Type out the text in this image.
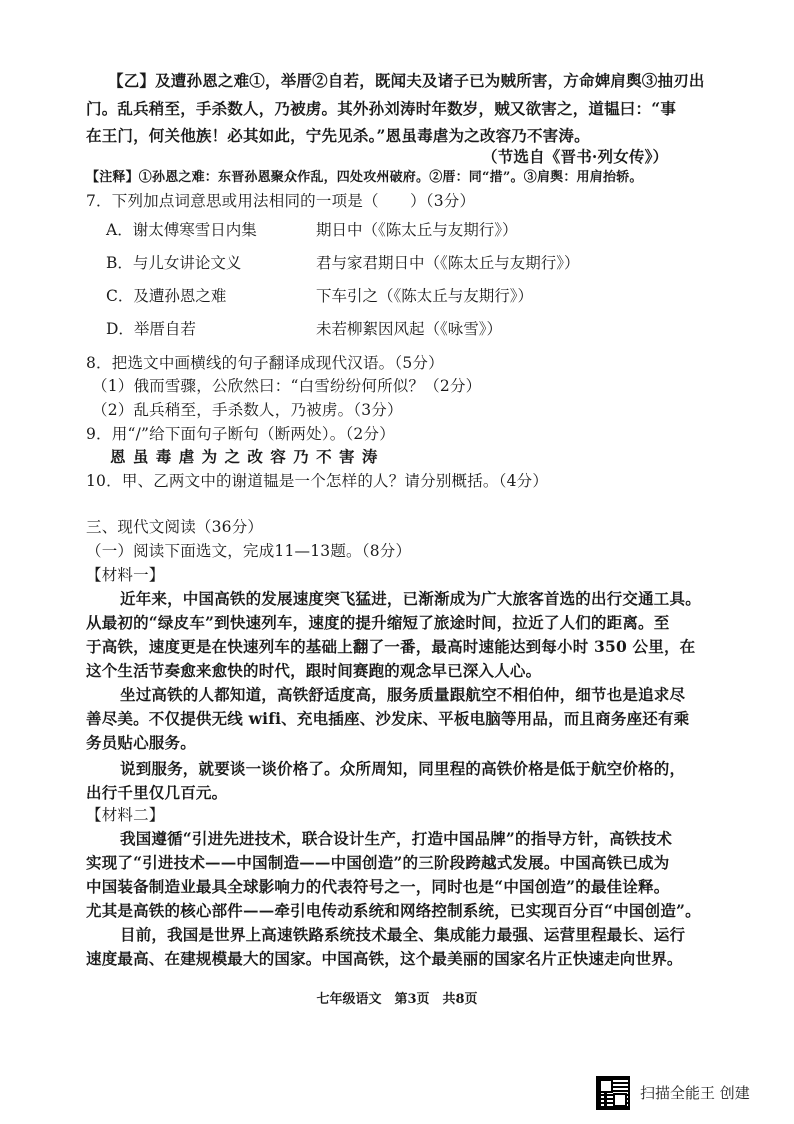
【乙】及遭孙恩之难①，举厝②自若，既闻夫及诸子已为贼所害，方命婢肩舆③抽刃出
门。乱兵稍至，手杀数人，乃被虏。其外孙刘涛时年数岁，贼又欲害之，道韫曰：“事
在王门，何关他族！必其如此，宁先见杀。”恩虽毒虐为之改容乃不害涛。
（节选自《晋书·列女传》）
【注释】①孙恩之难：东晋孙恩聚众作乱，四处攻州破府。②厝：同“措”。③肩舆：用肩抬轿。
7．下列加点词意思或用法相同的一项是（　　）（3分）
A．谢太傅寒雪日内集	期日中（《陈太丘与友期行》）
B．与儿女讲论文义	君与家君期日中（《陈太丘与友期行》）
C．及遭孙恩之难	下车引之（《陈太丘与友期行》）
D．举厝自若	未若柳絮因风起（《咏雪》）
8．把选文中画横线的句子翻译成现代汉语。（5分）
（1）俄而雪骤，公欣然曰：“白雪纷纷何所似？（2分）
（2）乱兵稍至，手杀数人，乃被虏。（3分）
9．用“/”给下面句子断句（断两处）。（2分）
恩 虽 毒 虐 为 之 改 容 乃 不 害 涛
10．甲、乙两文中的谢道韫是一个怎样的人？请分别概括。（4分）
三、现代文阅读（36分）
（一）阅读下面选文，完成11—13题。（8分）
【材料一】
近年来，中国高铁的发展速度突飞猛进，已渐渐成为广大旅客首选的出行交通工具。
从最初的“绿皮车”到快速列车，速度的提升缩短了旅途时间，拉近了人们的距离。至
于高铁，速度更是在快速列车的基础上翻了一番，最高时速能达到每小时 350 公里，在
这个生活节奏愈来愈快的时代，跟时间赛跑的观念早已深入人心。
坐过高铁的人都知道，高铁舒适度高，服务质量跟航空不相伯仲，细节也是追求尽
善尽美。不仅提供无线 wifi、充电插座、沙发床、平板电脑等用品，而且商务座还有乘
务员贴心服务。
说到服务，就要谈一谈价格了。众所周知，同里程的高铁价格是低于航空价格的，
出行千里仅几百元。
【材料二】
我国遵循“引进先进技术，联合设计生产，打造中国品牌”的指导方针，高铁技术
实现了“引进技术——中国制造——中国创造”的三阶段跨越式发展。中国高铁已成为
中国装备制造业最具全球影响力的代表符号之一，同时也是“中国创造”的最佳诠释。
尤其是高铁的核心部件——牵引电传动系统和网络控制系统，已实现百分百“中国创造”。
目前，我国是世界上高速铁路系统技术最全、集成能力最强、运营里程最长、运行
速度最高、在建规模最大的国家。中国高铁，这个最美丽的国家名片正快速走向世界。
七年级语文　第3页　共8页
扫描全能王 创建
